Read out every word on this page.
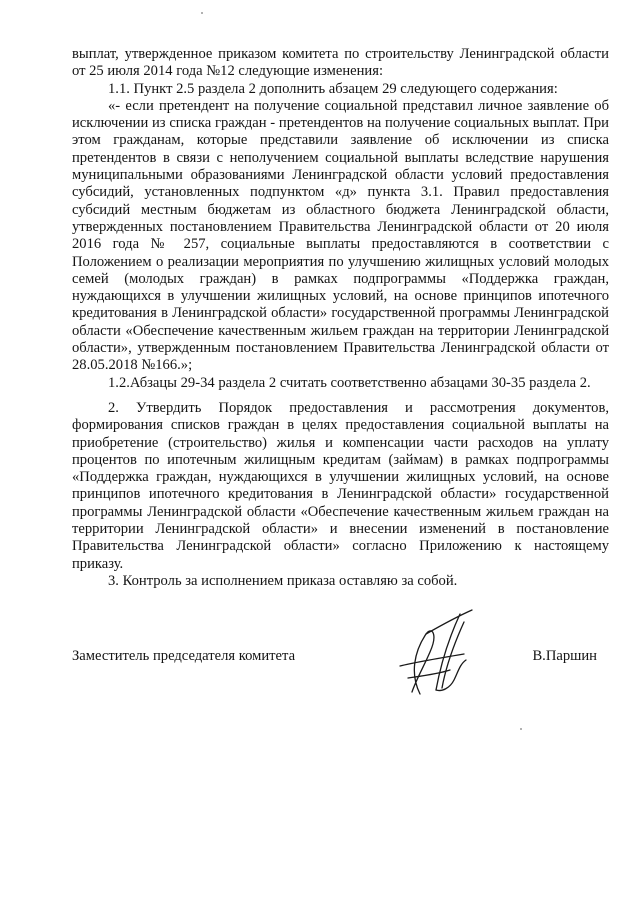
выплат, утвержденное приказом комитета по строительству Ленинградской области от 25 июля 2014 года №12 следующие изменения:

1.1. Пункт 2.5 раздела 2 дополнить абзацем 29 следующего содержания:

«- если претендент на получение социальной представил личное заявление об исключении из списка граждан - претендентов на получение социальных выплат. При этом гражданам, которые представили заявление об исключении из списка претендентов в связи с неполучением социальной выплаты вследствие нарушения муниципальными образованиями Ленинградской области условий предоставления субсидий, установленных подпунктом «д» пункта 3.1. Правил предоставления субсидий местным бюджетам из областного бюджета Ленинградской области, утвержденных постановлением Правительства Ленинградской области от 20 июля 2016 года № 257, социальные выплаты предоставляются в соответствии с Положением о реализации мероприятия по улучшению жилищных условий молодых семей (молодых граждан) в рамках подпрограммы «Поддержка граждан, нуждающихся в улучшении жилищных условий, на основе принципов ипотечного кредитования в Ленинградской области» государственной программы Ленинградской области «Обеспечение качественным жильем граждан на территории Ленинградской области», утвержденным постановлением Правительства Ленинградской области от 28.05.2018 №166.»;

1.2.Абзацы 29-34 раздела 2 считать соответственно абзацами 30-35 раздела 2.

2. Утвердить Порядок предоставления и рассмотрения документов, формирования списков граждан в целях предоставления социальной выплаты на приобретение (строительство) жилья и компенсации части расходов на уплату процентов по ипотечным жилищным кредитам (займам) в рамках подпрограммы «Поддержка граждан, нуждающихся в улучшении жилищных условий, на основе принципов ипотечного кредитования в Ленинградской области» государственной программы Ленинградской области «Обеспечение качественным жильем граждан на территории Ленинградской области» и внесении изменений в постановление Правительства Ленинградской области» согласно Приложению к настоящему приказу.

3. Контроль за исполнением приказа оставляю за собой.

Заместитель председателя комитета	В.Паршин
